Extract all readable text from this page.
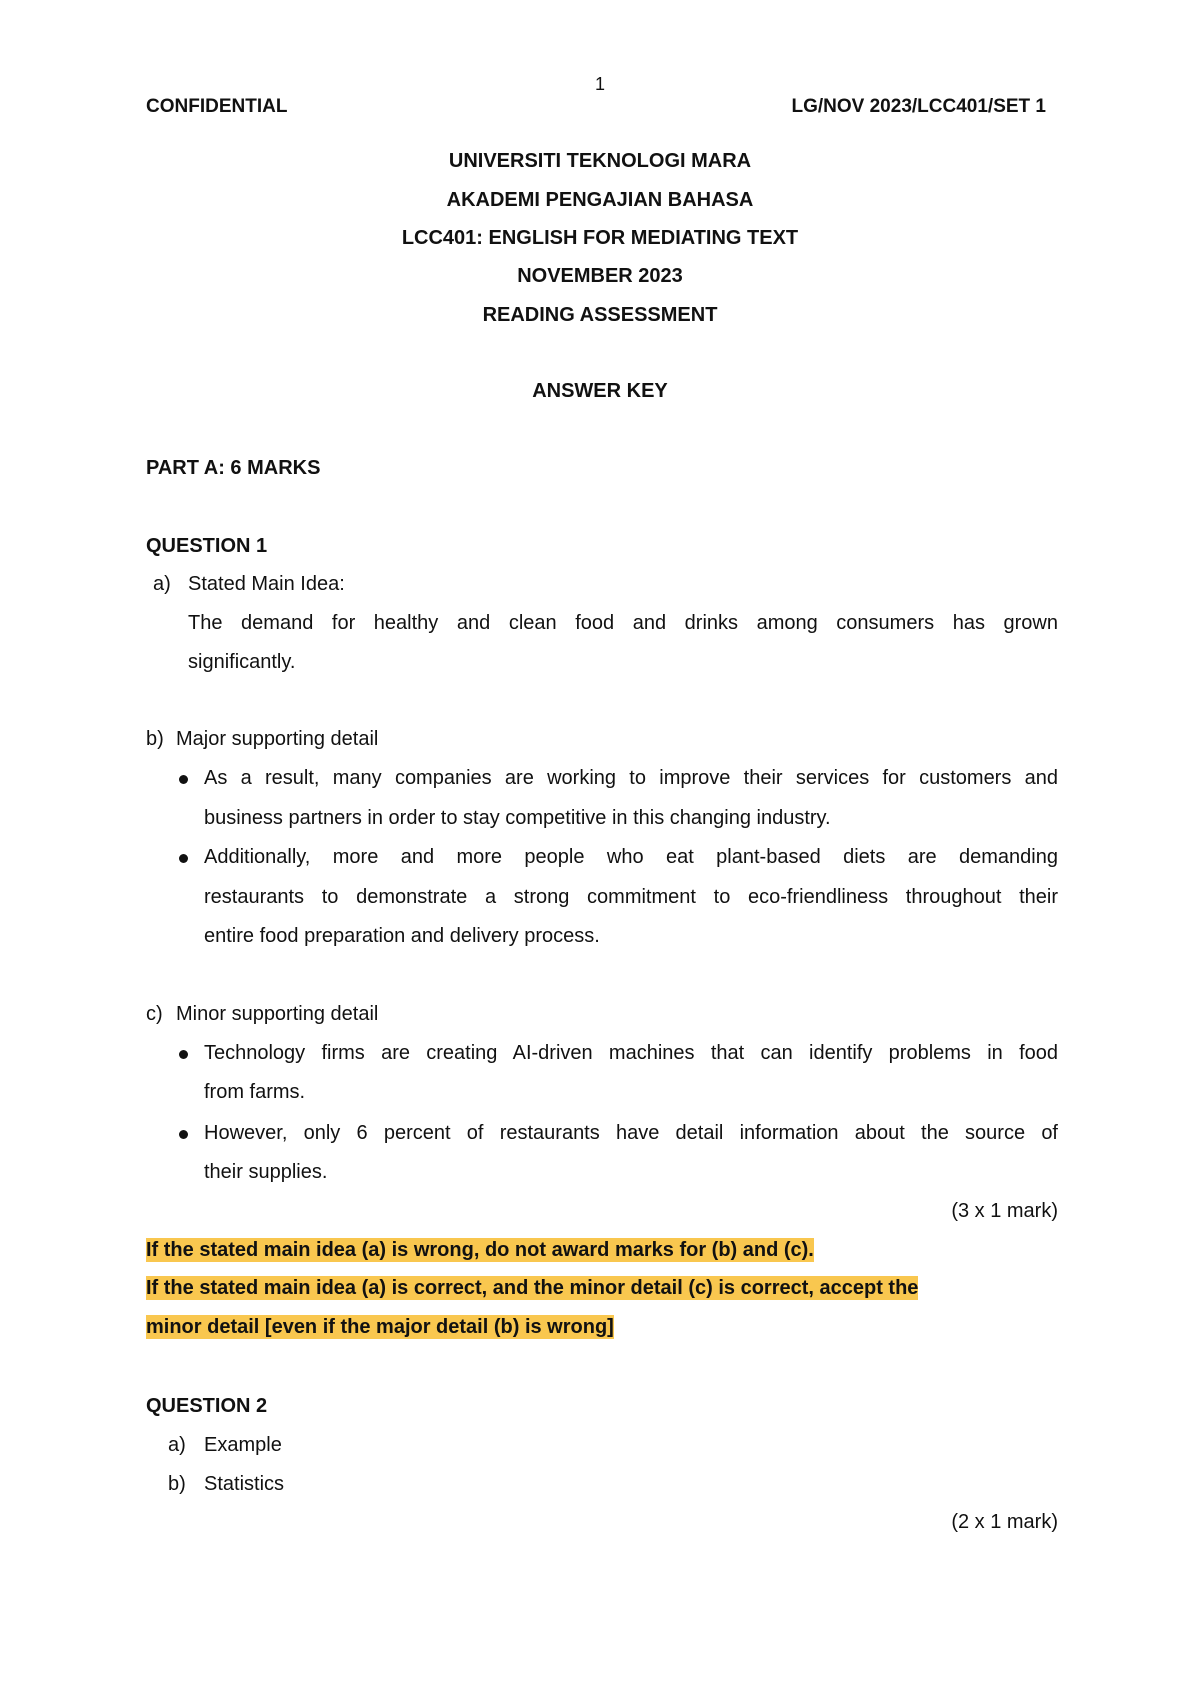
1
CONFIDENTIAL	LG/NOV 2023/LCC401/SET 1
UNIVERSITI TEKNOLOGI MARA
AKADEMI PENGAJIAN BAHASA
LCC401: ENGLISH FOR MEDIATING TEXT
NOVEMBER 2023
READING ASSESSMENT
ANSWER KEY
PART A: 6 MARKS
QUESTION 1
a) Stated Main Idea:
The demand for healthy and clean food and drinks among consumers has grown
significantly.
b) Major supporting detail
As a result, many companies are working to improve their services for customers and
business partners in order to stay competitive in this changing industry.
Additionally, more and more people who eat plant-based diets are demanding
restaurants to demonstrate a strong commitment to eco-friendliness throughout their
entire food preparation and delivery process.
c) Minor supporting detail
Technology firms are creating AI-driven machines that can identify problems in food
from farms.
However, only 6 percent of restaurants have detail information about the source of
their supplies.
(3 x 1 mark)
If the stated main idea (a) is wrong, do not award marks for (b) and (c).
If the stated main idea (a) is correct, and the minor detail (c) is correct, accept the
minor detail [even if the major detail (b) is wrong]
QUESTION 2
a) Example
b) Statistics
(2 x 1 mark)
